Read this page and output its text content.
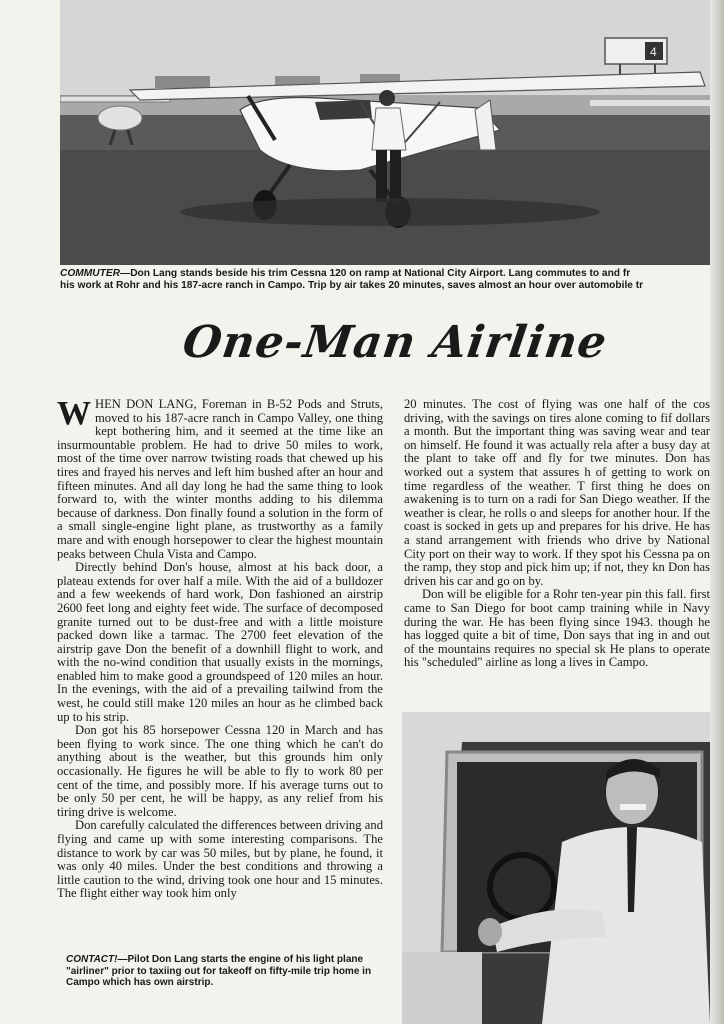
4
COMMUTER—Don Lang stands beside his trim Cessna 120 on ramp at National City Airport. Lang commutes to and fr
his work at Rohr and his 187-acre ranch in Campo. Trip by air takes 20 minutes, saves almost an hour over automobile tr
One-Man Airline

WHEN DON LANG, Foreman in B-52 Pods and Struts, moved to his 187-acre ranch in Campo Valley, one thing kept bothering him, and it seemed at the time like an insurmountable problem. He had to drive 50 miles to work, most of the time over narrow twisting roads that chewed up his tires and frayed his nerves and left him bushed after an hour and fifteen minutes. And all day long he had the same thing to look forward to, with the winter months adding to his dilemma because of darkness. Don finally found a solution in the form of a small single-engine light plane, as trustworthy as a family mare and with enough horsepower to clear the highest mountain peaks between Chula Vista and Campo.

Directly behind Don's house, almost at his back door, a plateau extends for over half a mile. With the aid of a bulldozer and a few weekends of hard work, Don fashioned an airstrip 2600 feet long and eighty feet wide. The surface of decomposed granite turned out to be dust-free and with a little moisture packed down like a tarmac. The 2700 feet elevation of the airstrip gave Don the benefit of a downhill flight to work, and with the no-wind condition that usually exists in the mornings, enabled him to make good a groundspeed of 120 miles an hour. In the evenings, with the aid of a prevailing tailwind from the west, he could still make 120 miles an hour as he climbed back up to his strip.

Don got his 85 horsepower Cessna 120 in March and has been flying to work since. The one thing which he can't do anything about is the weather, but this grounds him only occasionally. He figures he will be able to fly to work 80 per cent of the time, and possibly more. If his average turns out to be only 50 per cent, he will be happy, as any relief from his tiring drive is welcome.

Don carefully calculated the differences between driving and flying and came up with some interesting comparisons. The distance to work by car was 50 miles, but by plane, he found, it was only 40 miles. Under the best conditions and throwing a little caution to the wind, driving took one hour and 15 minutes. The flight either way took him only

20 minutes. The cost of flying was one half of the cos driving, with the savings on tires alone coming to fif dollars a month. But the important thing was saving wear and tear on himself. He found it was actually rela after a busy day at the plant to take off and fly for twe minutes. Don has worked out a system that assures h of getting to work on time regardless of the weather. T first thing he does on awakening is to turn on a radi for San Diego weather. If the weather is clear, he rolls o and sleeps for another hour. If the coast is socked in gets up and prepares for his drive. He has a stand arrangement with friends who drive by National City port on their way to work. If they spot his Cessna pa on the ramp, they stop and pick him up; if not, they kn Don has driven his car and go on by.

Don will be eligible for a Rohr ten-year pin this fall. first came to San Diego for boot camp training while in Navy during the war. He has been flying since 1943. though he has logged quite a bit of time, Don says that ing in and out of the mountains requires no special sk He plans to operate his "scheduled" airline as long a lives in Campo.

CONTACT!—Pilot Don Lang starts the engine of his light plane "airliner" prior to taxiing out for takeoff on fifty-mile trip home in Campo which has own airstrip.
